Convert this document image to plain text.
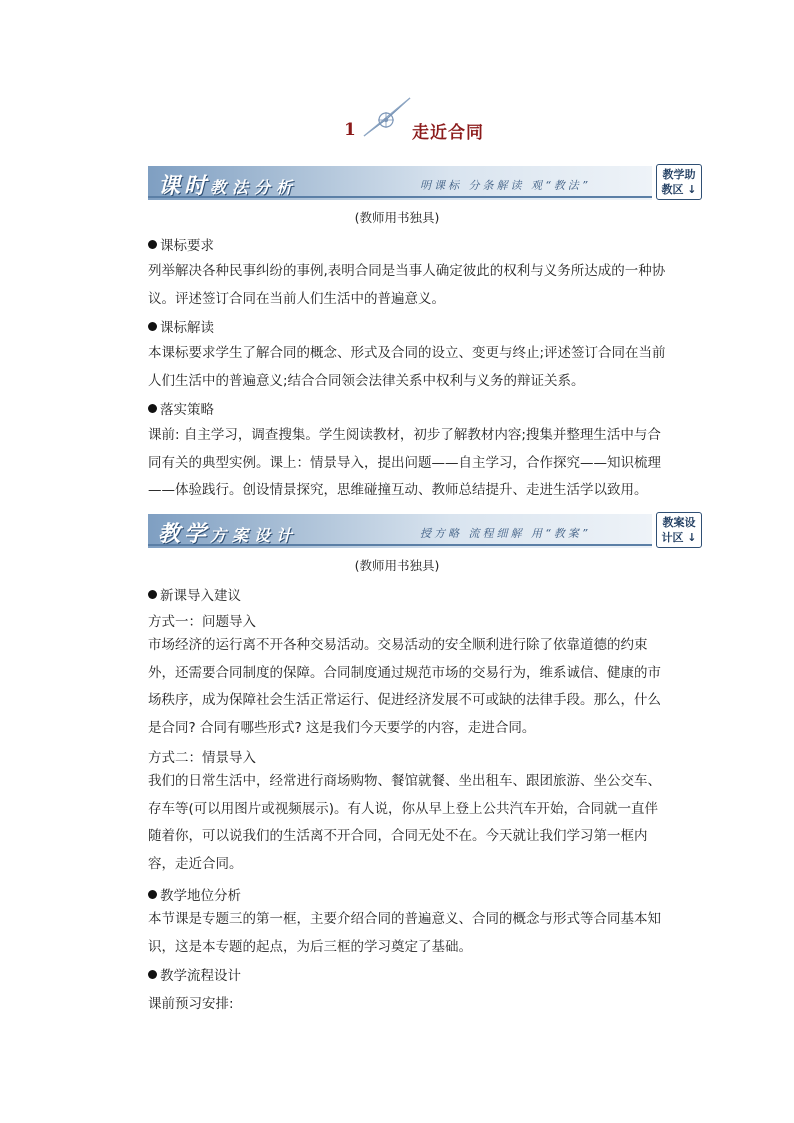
1	走近合同
课时教法分析	明课标 分条解读 观“教法”
教学助
教区 ↓
(教师用书独具)
课标要求

列举解决各种民事纠纷的事例,表明合同是当事人确定彼此的权利与义务所达成的一种协议。评述签订合同在当前人们生活中的普遍意义。

课标解读

本课标要求学生了解合同的概念、形式及合同的设立、变更与终止;评述签订合同在当前人们生活中的普遍意义;结合合同领会法律关系中权利与义务的辩证关系。

落实策略

课前: 自主学习，调查搜集。学生阅读教材，初步了解教材内容;搜集并整理生活中与合同有关的典型实例。课上：情景导入，提出问题——自主学习，合作探究——知识梳理——体验践行。创设情景探究，思维碰撞互动、教师总结提升、走进生活学以致用。

教学方案设计	授方略 流程细解 用“教案”
教案设
计区 ↓
(教师用书独具)
新课导入建议
方式一：问题导入

市场经济的运行离不开各种交易活动。交易活动的安全顺利进行除了依靠道德的约束外，还需要合同制度的保障。合同制度通过规范市场的交易行为，维系诚信、健康的市场秩序，成为保障社会生活正常运行、促进经济发展不可或缺的法律手段。那么，什么是合同? 合同有哪些形式? 这是我们今天要学的内容，走进合同。

方式二：情景导入

我们的日常生活中，经常进行商场购物、餐馆就餐、坐出租车、跟团旅游、坐公交车、存车等(可以用图片或视频展示)。有人说，你从早上登上公共汽车开始，合同就一直伴随着你，可以说我们的生活离不开合同，合同无处不在。今天就让我们学习第一框内容，走近合同。

教学地位分析

本节课是专题三的第一框，主要介绍合同的普遍意义、合同的概念与形式等合同基本知识，这是本专题的起点，为后三框的学习奠定了基础。

教学流程设计
课前预习安排:
